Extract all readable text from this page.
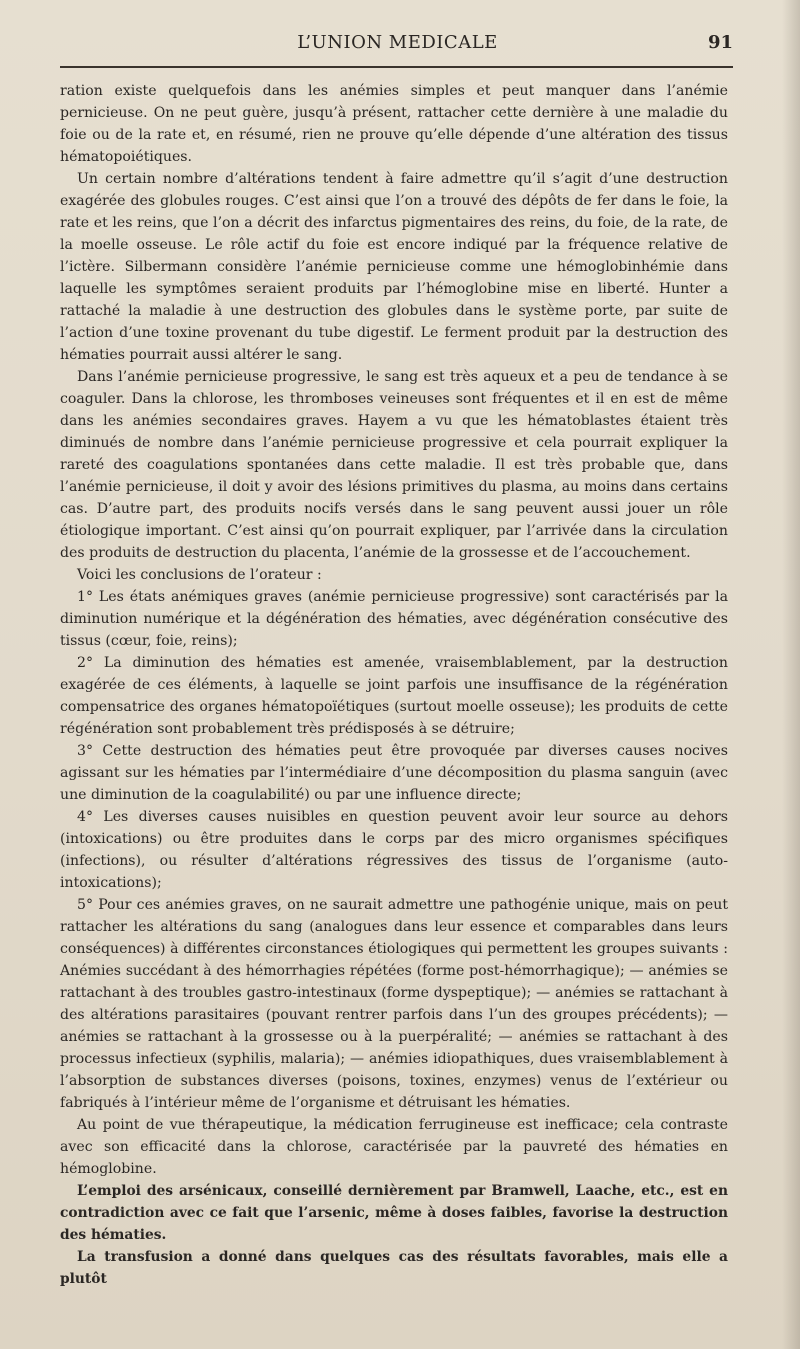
L’UNION MEDICALE	91

ration existe quelquefois dans les anémies simples et peut manquer dans l’anémie pernicieuse. On ne peut guère, jusqu’à présent, rattacher cette dernière à une maladie du foie ou de la rate et, en résumé, rien ne prouve qu’elle dépende d’une altération des tissus hématopoiétiques.

Un certain nombre d’altérations tendent à faire admettre qu’il s’agit d’une destruction exagérée des globules rouges. C’est ainsi que l’on a trouvé des dépôts de fer dans le foie, la rate et les reins, que l’on a décrit des infarctus pigmentaires des reins, du foie, de la rate, de la moelle osseuse. Le rôle actif du foie est encore indiqué par la fréquence relative de l’ictère. Silbermann considère l’anémie pernicieuse comme une hémoglobinhémie dans laquelle les symptômes seraient produits par l’hémoglobine mise en liberté. Hunter a rattaché la maladie à une destruction des globules dans le système porte, par suite de l’action d’une toxine provenant du tube digestif. Le ferment produit par la destruction des hématies pourrait aussi altérer le sang.

Dans l’anémie pernicieuse progressive, le sang est très aqueux et a peu de tendance à se coaguler. Dans la chlorose, les thromboses veineuses sont fréquentes et il en est de même dans les anémies secondaires graves. Hayem a vu que les hématoblastes étaient très diminués de nombre dans l’anémie pernicieuse progressive et cela pourrait expliquer la rareté des coagulations spontanées dans cette maladie. Il est très probable que, dans l’anémie pernicieuse, il doit y avoir des lésions primitives du plasma, au moins dans certains cas. D’autre part, des produits nocifs versés dans le sang peuvent aussi jouer un rôle étiologique important. C’est ainsi qu’on pourrait expliquer, par l’arrivée dans la circulation des produits de destruction du placenta, l’anémie de la grossesse et de l’accouchement.

Voici les conclusions de l’orateur :

1° Les états anémiques graves (anémie pernicieuse progressive) sont caractérisés par la diminution numérique et la dégénération des hématies, avec dégénération consécutive des tissus (cœur, foie, reins);

2° La diminution des hématies est amenée, vraisemblablement, par la destruction exagérée de ces éléments, à laquelle se joint parfois une insuffisance de la régénération compensatrice des organes hématopoïétiques (surtout moelle osseuse); les produits de cette régénération sont probablement très prédisposés à se détruire;

3° Cette destruction des hématies peut être provoquée par diverses causes nocives agissant sur les hématies par l’intermédiaire d’une décomposition du plasma sanguin (avec une diminution de la coagulabilité) ou par une influence directe;

4° Les diverses causes nuisibles en question peuvent avoir leur source au dehors (intoxications) ou être produites dans le corps par des micro organismes spécifiques (infections), ou résulter d’altérations régressives des tissus de l’organisme (auto-intoxications);

5° Pour ces anémies graves, on ne saurait admettre une pathogénie unique, mais on peut rattacher les altérations du sang (analogues dans leur essence et comparables dans leurs conséquences) à différentes circonstances étiologiques qui permettent les groupes suivants : Anémies succédant à des hémorrhagies répétées (forme post-hémorrhagique); — anémies se rattachant à des troubles gastro-intestinaux (forme dyspeptique); — anémies se rattachant à des altérations parasitaires (pouvant rentrer parfois dans l’un des groupes précédents); — anémies se rattachant à la grossesse ou à la puerpéralité; — anémies se rattachant à des processus infectieux (syphilis, malaria); — anémies idiopathiques, dues vraisemblablement à l’absorption de substances diverses (poisons, toxines, enzymes) venus de l’extérieur ou fabriqués à l’intérieur même de l’organisme et détruisant les hématies.

Au point de vue thérapeutique, la médication ferrugineuse est inefficace; cela contraste avec son efficacité dans la chlorose, caractérisée par la pauvreté des hématies en hémoglobine.

L’emploi des arsénicaux, conseillé dernièrement par Bramwell, Laache, etc., est en contradiction avec ce fait que l’arsenic, même à doses faibles, favorise la destruction des hématies.

La transfusion a donné dans quelques cas des résultats favorables, mais elle a plutôt
